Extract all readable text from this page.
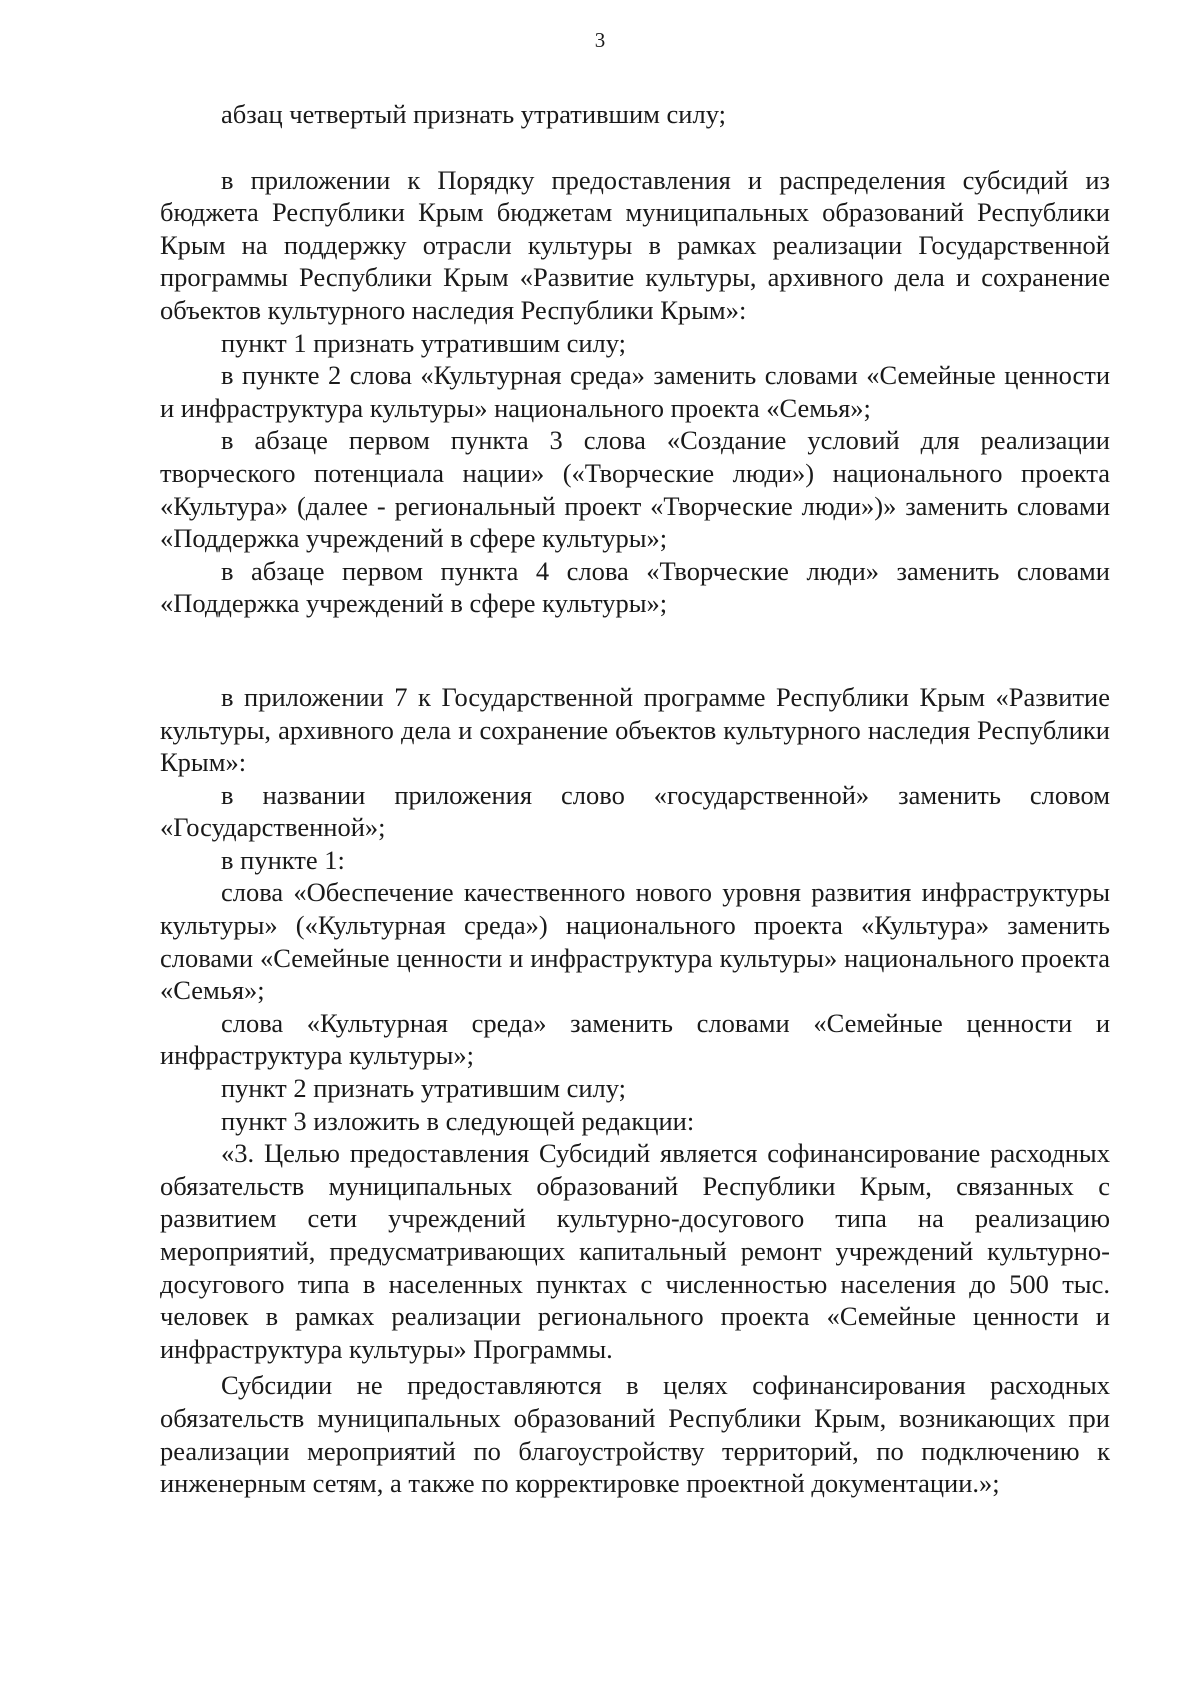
3

абзац четвертый признать утратившим силу;

в приложении к Порядку предоставления и распределения субсидий из бюджета Республики Крым бюджетам муниципальных образований Республики Крым на поддержку отрасли культуры в рамках реализации Государственной программы Республики Крым «Развитие культуры, архивного дела и сохранение объектов культурного наследия Республики Крым»:

пункт 1 признать утратившим силу;

в пункте 2 слова «Культурная среда» заменить словами «Семейные ценности и инфраструктура культуры» национального проекта «Семья»;

в абзаце первом пункта 3 слова «Создание условий для реализации творческого потенциала нации» («Творческие люди») национального проекта «Культура» (далее - региональный проект «Творческие люди»)» заменить словами «Поддержка учреждений в сфере культуры»;

в абзаце первом пункта 4 слова «Творческие люди» заменить словами «Поддержка учреждений в сфере культуры»;

в приложении 7 к Государственной программе Республики Крым «Развитие культуры, архивного дела и сохранение объектов культурного наследия Республики Крым»:

в названии приложения слово «государственной» заменить словом «Государственной»;

в пункте 1:

слова «Обеспечение качественного нового уровня развития инфраструктуры культуры» («Культурная среда») национального проекта «Культура» заменить словами «Семейные ценности и инфраструктура культуры» национального проекта «Семья»;

слова «Культурная среда» заменить словами «Семейные ценности и инфраструктура культуры»;

пункт 2 признать утратившим силу;

пункт 3 изложить в следующей редакции:

«3. Целью предоставления Субсидий является софинансирование расходных обязательств муниципальных образований Республики Крым, связанных с развитием сети учреждений культурно-досугового типа на реализацию мероприятий, предусматривающих капитальный ремонт учреждений культурно-досугового типа в населенных пунктах с численностью населения до 500 тыс. человек в рамках реализации регионального проекта «Семейные ценности и инфраструктура культуры» Программы.

Субсидии не предоставляются в целях софинансирования расходных обязательств муниципальных образований Республики Крым, возникающих при реализации мероприятий по благоустройству территорий, по подключению к инженерным сетям, а также по корректировке проектной документации.»;
